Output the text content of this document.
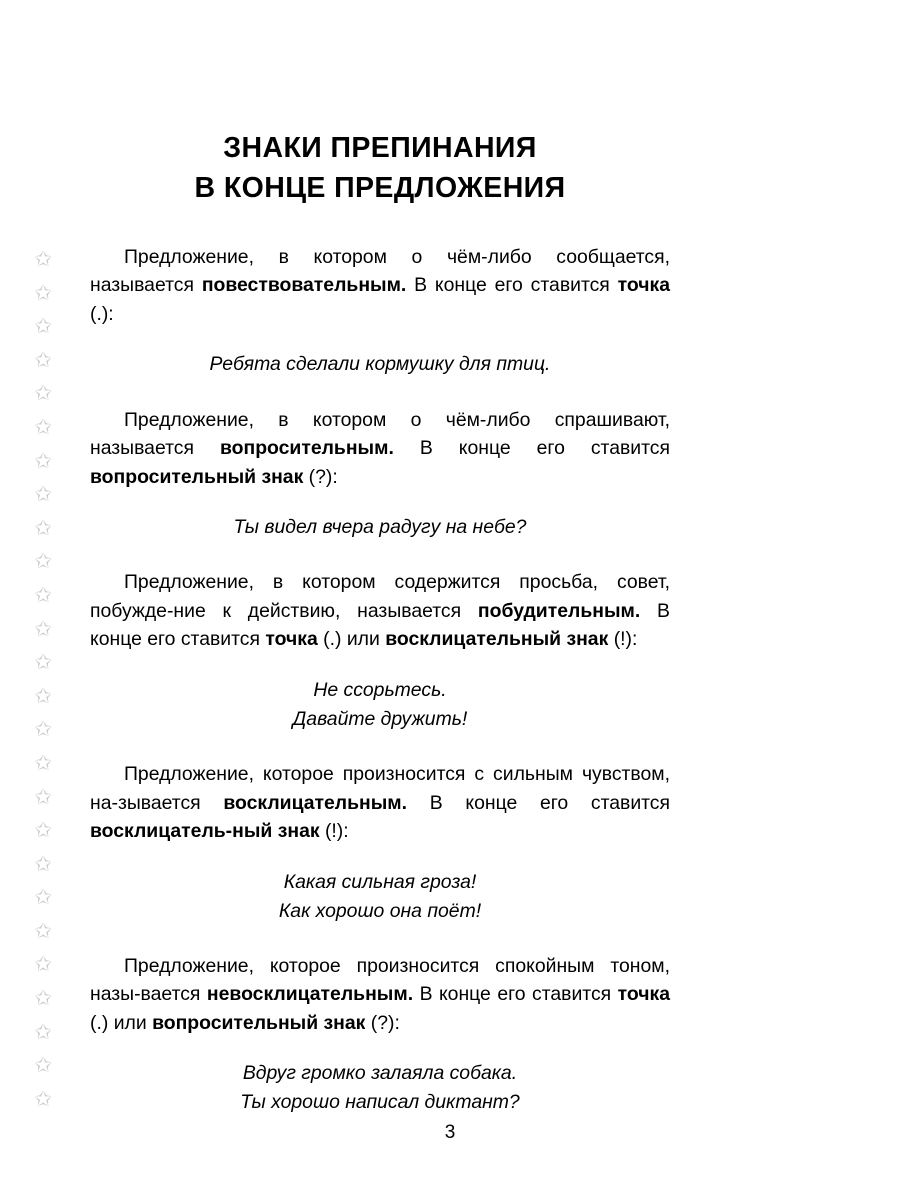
✩
✩
✩
✩
✩
✩
✩
✩
✩
✩
✩
✩
✩
✩
✩
✩
✩
✩
✩
✩
✩
✩
✩
✩
✩
✩
ЗНАКИ ПРЕПИНАНИЯ
В КОНЦЕ ПРЕДЛОЖЕНИЯ

Предложение, в котором о чём-либо сообщается, называется повествовательным. В конце его ставится точка (.):

Ребята сделали кормушку для птиц.

Предложение, в котором о чём-либо спрашивают, называется вопросительным. В конце его ставится вопросительный знак (?):

Ты видел вчера радугу на небе?

Предложение, в котором содержится просьба, совет, побужде-ние к действию, называется побудительным. В конце его ставится точка (.) или восклицательный знак (!):

Не ссорьтесь.

Давайте дружить!

Предложение, которое произносится с сильным чувством, на-зывается восклицательным. В конце его ставится восклицатель-ный знак (!):

Какая сильная гроза!

Как хорошо она поёт!

Предложение, которое произносится спокойным тоном, назы-вается невосклицательным. В конце его ставится точка (.) или вопросительный знак (?):

Вдруг громко залаяла собака.

Ты хорошо написал диктант?

3
